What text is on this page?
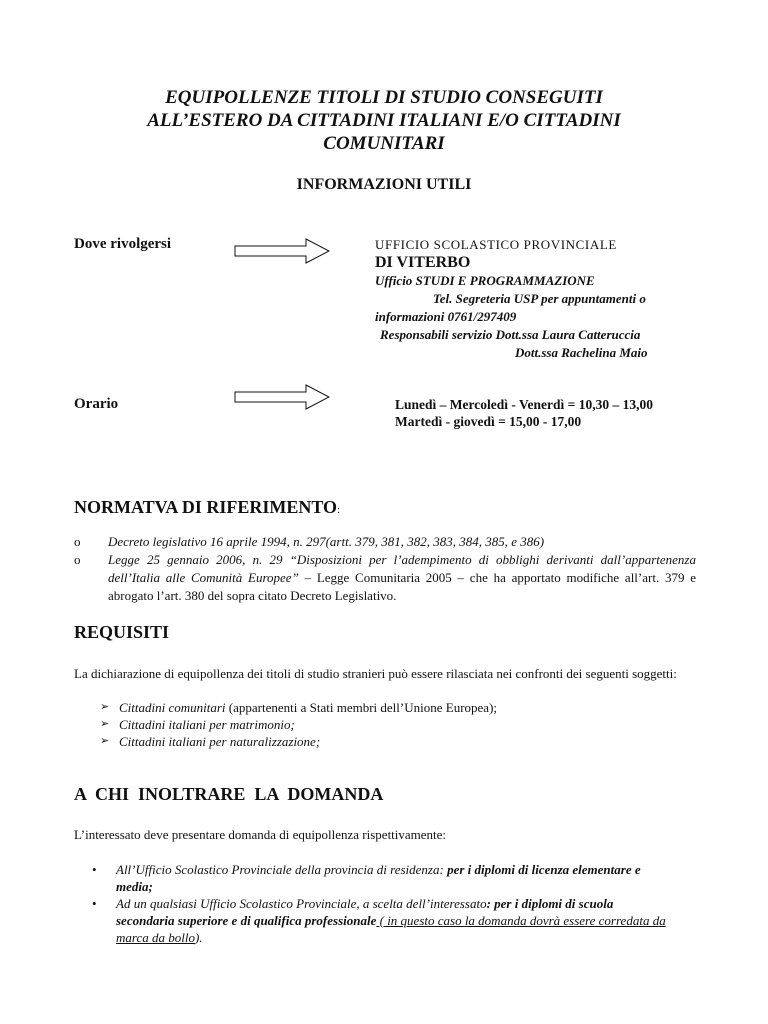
EQUIPOLLENZE TITOLI DI STUDIO CONSEGUITI
ALL’ESTERO DA CITTADINI ITALIANI E/O CITTADINI
COMUNITARI
INFORMAZIONI UTILI
Dove rivolgersi	UFFICIO SCOLASTICO PROVINCIALE
DI VITERBO
Ufficio STUDI E PROGRAMMAZIONE
Tel. Segreteria USP per appuntamenti o
informazioni 0761/297409
Responsabili servizio Dott.ssa Laura Catteruccia
Dott.ssa Rachelina Maio
Orario	Lunedì – Mercoledì - Venerdì = 10,30 – 13,00
Martedì - giovedì = 15,00 - 17,00
NORMATVA DI RIFERIMENTO:
o	Decreto legislativo 16 aprile 1994, n. 297(artt. 379, 381, 382, 383, 384, 385, e 386)
o	Legge 25 gennaio 2006, n. 29 “Disposizioni per l’adempimento di obblighi derivanti dall’appartenenza dell’Italia alle Comunità Europee” – Legge Comunitaria 2005 – che ha apportato modifiche all’art. 379 e abrogato l’art. 380 del sopra citato Decreto Legislativo.
REQUISITI
La dichiarazione di equipollenza dei titoli di studio stranieri può essere rilasciata nei confronti dei seguenti soggetti:
➢ Cittadini comunitari (appartenenti a Stati membri dell’Unione Europea);
➢ Cittadini italiani per matrimonio;
➢ Cittadini italiani per naturalizzazione;
A  CHI  INOLTRARE  LA  DOMANDA
L’interessato deve presentare domanda di equipollenza rispettivamente:
•	All’Ufficio Scolastico Provinciale della provincia di residenza: per i diplomi di licenza elementare e media;
•	Ad un qualsiasi Ufficio Scolastico Provinciale, a scelta dell’interessato: per i diplomi di scuola secondaria superiore e di qualifica professionale ( in questo caso la domanda dovrà essere corredata da marca da bollo).
